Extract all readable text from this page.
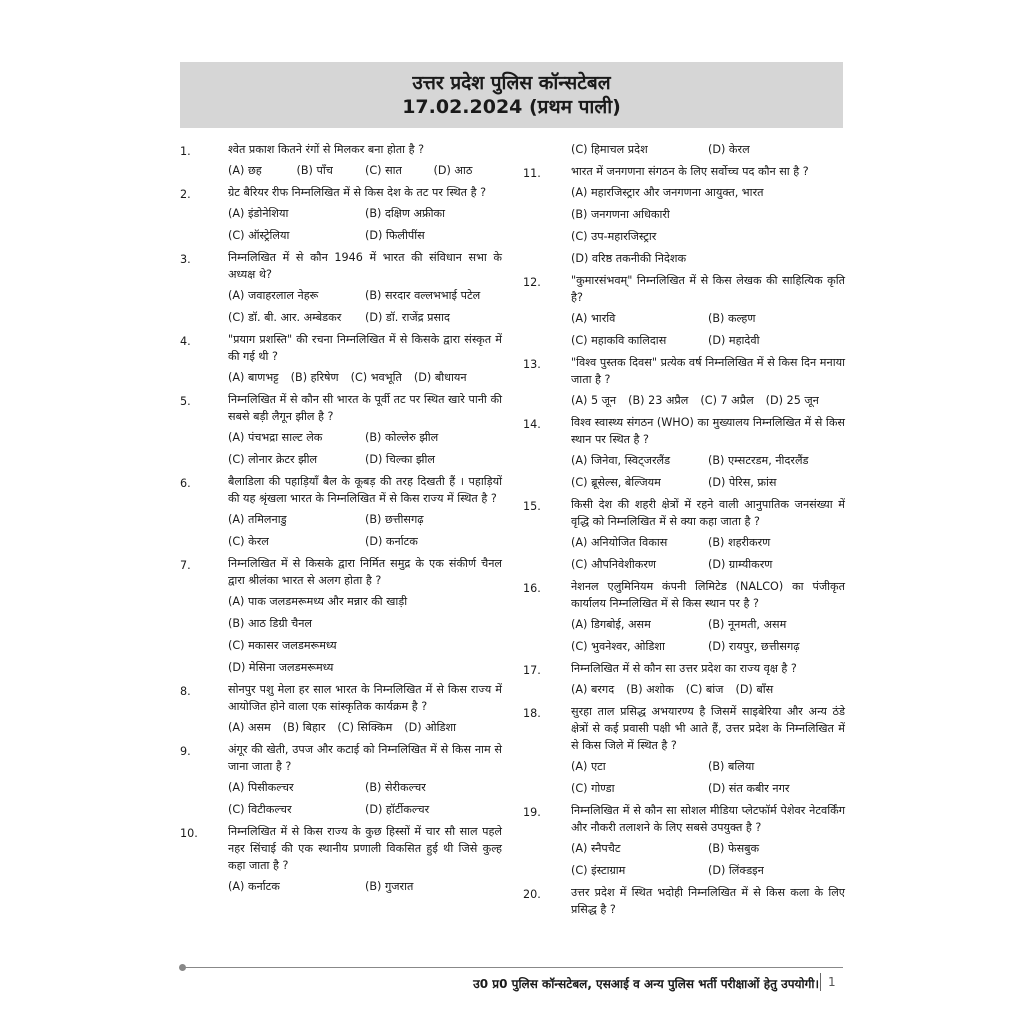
उत्तर प्रदेश पुलिस कॉन्सटेबल
17.02.2024 (प्रथम पाली)
1.	श्वेत प्रकाश कितने रंगों से मिलकर बना होता है ?
(A) छह	(B) पाँच	(C) सात	(D) आठ
2.	ग्रेट बैरियर रीफ निम्नलिखित में से किस देश के तट पर स्थित है ?
(A) इंडोनेशिया	(B) दक्षिण अफ्रीका
(C) ऑस्ट्रेलिया	(D) फिलीपींस
3.	निम्नलिखित में से कौन 1946 में भारत की संविधान सभा के अध्यक्ष थे?
(A) जवाहरलाल नेहरू	(B) सरदार वल्लभभाई पटेल
(C) डॉ. बी. आर. अम्बेडकर	(D) डॉ. राजेंद्र प्रसाद
4.	"प्रयाग प्रशस्ति" की रचना निम्नलिखित में से किसके द्वारा संस्कृत में की गई थी ?
(A) बाणभट्ट (B) हरिषेण (C) भवभूति (D) बौधायन
5.	निम्नलिखित में से कौन सी भारत के पूर्वी तट पर स्थित खारे पानी की सबसे बड़ी लैगून झील है ?
(A) पंचभद्रा साल्ट लेक	(B) कोल्लेरु झील
(C) लोनार क्रेटर झील	(D) चिल्का झील
6.	बैलाडिला की पहाड़ियाँ बैल के कूबड़ की तरह दिखती हैं । पहाड़ियों की यह श्रृंखला भारत के निम्नलिखित में से किस राज्य में स्थित है ?
(A) तमिलनाडु	(B) छत्तीसगढ़
(C) केरल	(D) कर्नाटक
7.	निम्नलिखित में से किसके द्वारा निर्मित समुद्र के एक संकीर्ण चैनल द्वारा श्रीलंका भारत से अलग होता है ?
(A) पाक जलडमरूमध्य और मन्नार की खाड़ी
(B) आठ डिग्री चैनल
(C) मकासर जलडमरूमध्य
(D) मेसिना जलडमरूमध्य
8.	सोनपुर पशु मेला हर साल भारत के निम्नलिखित में से किस राज्य में आयोजित होने वाला एक सांस्कृतिक कार्यक्रम है ?
(A) असम (B) बिहार (C) सिक्किम (D) ओडिशा
9.	अंगूर की खेती, उपज और कटाई को निम्नलिखित में से किस नाम से जाना जाता है ?
(A) पिसीकल्चर	(B) सेरीकल्चर
(C) विटीकल्चर	(D) हॉर्टीकल्चर
10.	निम्नलिखित में से किस राज्य के कुछ हिस्सों में चार सौ साल पहले नहर सिंचाई की एक स्थानीय प्रणाली विकसित हुई थी जिसे कुल्ह कहा जाता है ?
(A) कर्नाटक	(B) गुजरात
(C) हिमाचल प्रदेश	(D) केरल
11.	भारत में जनगणना संगठन के लिए सर्वोच्च पद कौन सा है ?
(A) महारजिस्ट्रार और जनगणना आयुक्त, भारत
(B) जनगणना अधिकारी
(C) उप-महारजिस्ट्रार
(D) वरिष्ठ तकनीकी निदेशक
12.	"कुमारसंभवम्" निम्नलिखित में से किस लेखक की साहित्यिक कृति है?
(A) भारवि	(B) कल्हण
(C) महाकवि कालिदास	(D) महादेवी
13.	"विश्व पुस्तक दिवस" प्रत्येक वर्ष निम्नलिखित में से किस दिन मनाया जाता है ?
(A) 5 जून (B) 23 अप्रैल (C) 7 अप्रैल (D) 25 जून
14.	विश्व स्वास्थ्य संगठन (WHO) का मुख्यालय निम्नलिखित में से किस स्थान पर स्थित है ?
(A) जिनेवा, स्विट्जरलैंड	(B) एम्सटरडम, नीदरलैंड
(C) ब्रूसेल्स, बेल्जियम	(D) पेरिस, फ्रांस
15.	किसी देश की शहरी क्षेत्रों में रहने वाली आनुपातिक जनसंख्या में वृद्धि को निम्नलिखित में से क्या कहा जाता है ?
(A) अनियोजित विकास	(B) शहरीकरण
(C) औपनिवेशीकरण	(D) ग्राम्यीकरण
16.	नेशनल एलुमिनियम कंपनी लिमिटेड (NALCO) का पंजीकृत कार्यालय निम्नलिखित में से किस स्थान पर है ?
(A) डिगबोई, असम	(B) नूनमती, असम
(C) भुवनेश्वर, ओडिशा	(D) रायपुर, छत्तीसगढ़
17.	निम्नलिखित में से कौन सा उत्तर प्रदेश का राज्य वृक्ष है ?
(A) बरगद (B) अशोक (C) बांज (D) बाँस
18.	सुरहा ताल प्रसिद्ध अभयारण्य है जिसमें साइबेरिया और अन्य ठंडे क्षेत्रों से कई प्रवासी पक्षी भी आते हैं, उत्तर प्रदेश के निम्नलिखित में से किस जिले में स्थित है ?
(A) एटा	(B) बलिया
(C) गोण्डा	(D) संत कबीर नगर
19.	निम्नलिखित में से कौन सा सोशल मीडिया प्लेटफॉर्म पेशेवर नेटवर्किंग और नौकरी तलाशने के लिए सबसे उपयुक्त है ?
(A) स्नैपचैट	(B) फेसबुक
(C) इंस्टाग्राम	(D) लिंक्डइन
20.	उत्तर प्रदेश में स्थित भदोही निम्नलिखित में से किस कला के लिए प्रसिद्ध है ?
उ0 प्र0 पुलिस कॉन्सटेबल, एसआई व अन्य पुलिस भर्ती परीक्षाओं हेतु उपयोगी। 1
